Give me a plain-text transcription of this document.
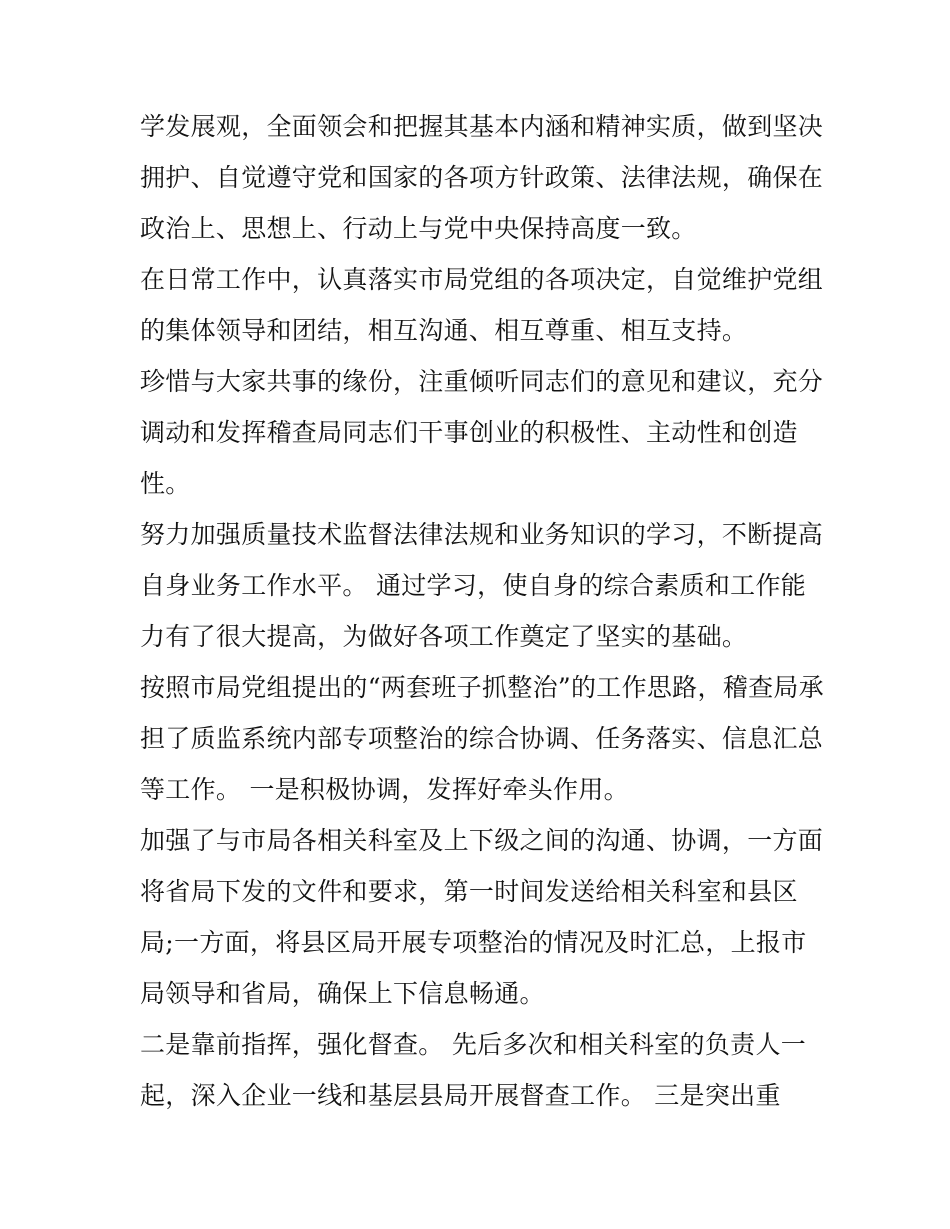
学发展观，全面领会和把握其基本内涵和精神实质，做到坚决
拥护、自觉遵守党和国家的各项方针政策、法律法规，确保在
政治上、思想上、行动上与党中央保持高度一致。
在日常工作中，认真落实市局党组的各项决定，自觉维护党组
的集体领导和团结，相互沟通、相互尊重、相互支持。
珍惜与大家共事的缘份，注重倾听同志们的意见和建议，充分
调动和发挥稽查局同志们干事创业的积极性、主动性和创造
性。
努力加强质量技术监督法律法规和业务知识的学习，不断提高
自身业务工作水平。 通过学习，使自身的综合素质和工作能
力有了很大提高，为做好各项工作奠定了坚实的基础。
按照市局党组提出的“两套班子抓整治”的工作思路，稽查局承
担了质监系统内部专项整治的综合协调、任务落实、信息汇总
等工作。 一是积极协调，发挥好牵头作用。
加强了与市局各相关科室及上下级之间的沟通、协调，一方面
将省局下发的文件和要求，第一时间发送给相关科室和县区
局;一方面，将县区局开展专项整治的情况及时汇总，上报市
局领导和省局，确保上下信息畅通。
二是靠前指挥，强化督查。 先后多次和相关科室的负责人一
起，深入企业一线和基层县局开展督查工作。 三是突出重
